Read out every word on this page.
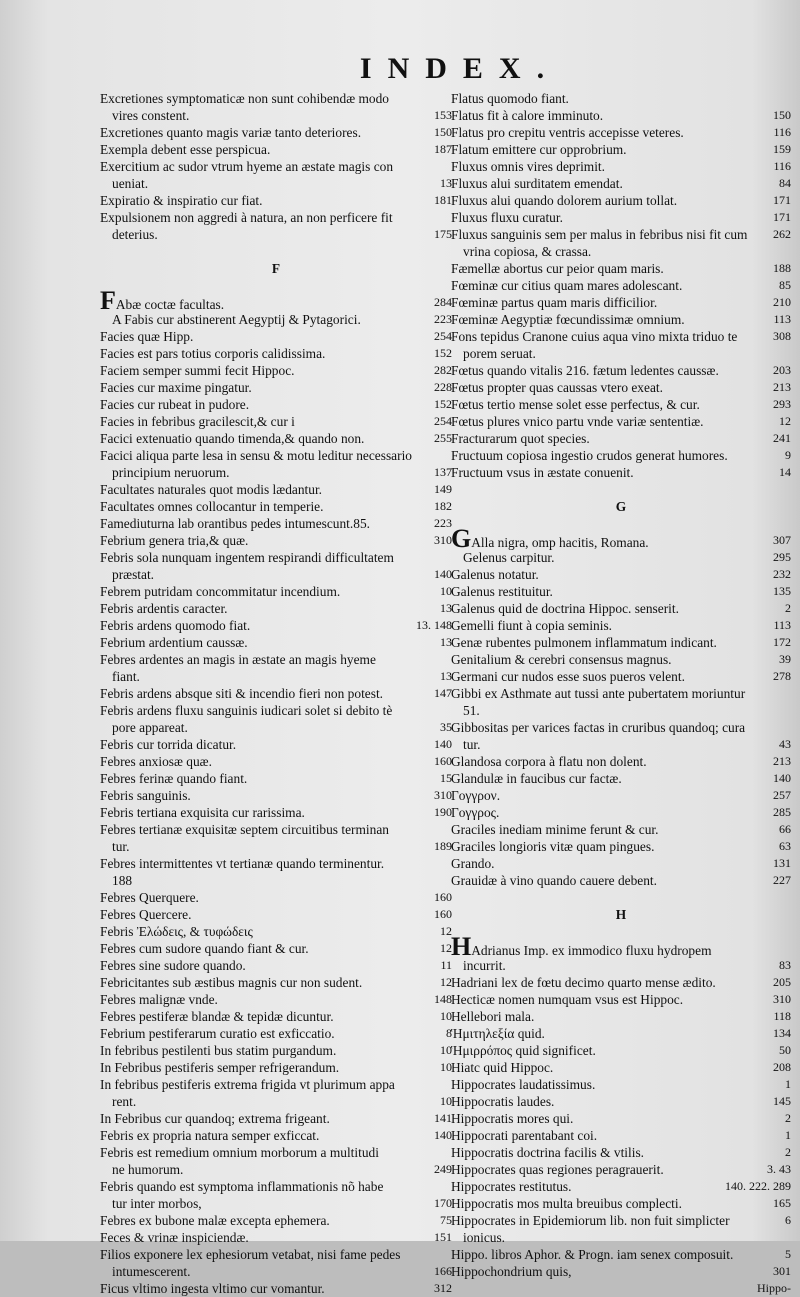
INDEX.
Excretiones symptomaticæ non sunt cohibendæ modo
vires constent.	153
Excretiones quanto magis variæ tanto deteriores.	150
Exempla debent esse perspicua.	187
Exercitium ac sudor vtrum hyeme an æstate magis con
ueniat.	13
Expiratio & inspiratio cur fiat.	181
Expulsionem non aggredi à natura, an non perficere fit
deterius.	175
F
FAbæ coctæ facultas.	284
A Fabis cur abstinerent Aegyptij & Pytagorici.	223
Facies quæ Hipp.	254
Facies est pars totius corporis calidissima.	152
Faciem semper summi fecit Hippoc.	282
Facies cur maxime pingatur.	228
Facies cur rubeat in pudore.	152
Facies in febribus gracilescit,& cur i	254
Facici extenuatio quando timenda,& quando non.	255
Facici aliqua parte lesa in sensu & motu leditur necessario
principium neruorum.	137
Facultates naturales quot modis lædantur.	149
Facultates omnes collocantur in temperie.	182
Famediuturna lab orantibus pedes intumescunt.85.	223
Febrium genera tria,& quæ.	310
Febris sola nunquam ingentem respirandi difficultatem
præstat.	140
Febrem putridam concommitatur incendium.	10
Febris ardentis caracter.	13
Febris ardens quomodo fiat.	13. 148
Febrium ardentium caussæ.	13
Febres ardentes an magis in æstate an magis hyeme
fiant.	13
Febris ardens absque siti & incendio fieri non potest.	147
Febris ardens fluxu sanguinis iudicari solet si debito tè
pore appareat.	35
Febris cur torrida dicatur.	140
Febres anxiosæ quæ.	160
Febres ferinæ quando fiant.	15
Febris sanguinis.	310
Febris tertiana exquisita cur rarissima.	190
Febres tertianæ exquisitæ septem circuitibus terminan
tur.	189
Febres intermittentes vt tertianæ quando terminentur.
188
Febres Querquere.	160
Febres Quercere.	160
Febris Ἐλώδεις, & τυφώδεις	12
Febres cum sudore quando fiant & cur.	12
Febres sine sudore quando.	11
Febricitantes sub æstibus magnis cur non sudent.	12
Febres malignæ vnde.	148
Febres pestiferæ blandæ & tepidæ dicuntur.	10
Febrium pestiferarum curatio est exficcatio.	8
In febribus pestilenti bus statim purgandum.	10
In Febribus pestiferis semper refrigerandum.	10
In febribus pestiferis extrema frigida vt plurimum appa
rent.	10
In Febribus cur quandoq; extrema frigeant.	141
Febris ex propria natura semper exficcat.	140
Febris est remedium omnium morborum a multitudi
ne humorum.	249
Febris quando est symptoma inflammationis nõ habe
tur inter morbos,	170
Febres ex bubone malæ excepta ephemera.	75
Feces & vrinæ inspiciendæ.	151
Filios exponere lex ephesiorum vetabat, nisi fame pedes
intumescerent.	166
Ficus vltimo ingesta vltimo cur vomantur.	312
Flatus quomodo fiant.
Flatus fit à calore imminuto.	150
Flatus pro crepitu ventris accepisse veteres.	116
Flatum emittere cur opprobrium.	159
Fluxus omnis vires deprimit.	116
Fluxus alui surditatem emendat.	84
Fluxus alui quando dolorem aurium tollat.	171
Fluxus fluxu curatur.	171
Fluxus sanguinis sem per malus in febribus nisi fit cum 262
vrina copiosa, & crassa.
Fæmellæ abortus cur peior quam maris.	188
Fœminæ cur citius quam mares adolescant.	85
Fœminæ partus quam maris difficilior.	210
Fœminæ Aegyptiæ fœcundissimæ omnium.	113
Fons tepidus Cranone cuius aqua vino mixta triduo te	308
porem seruat.
Fœtus quando vitalis 216. fætum ledentes caussæ.	203
Fœtus propter quas caussas vtero exeat.	213
Fœtus tertio mense solet esse perfectus, & cur.	293
Fœtus plures vnico partu vnde variæ sententiæ.	12
Fracturarum quot species.	241
Fructuum copiosa ingestio crudos generat humores.	9
Fructuum vsus in æstate conuenit.	14
G
GAlla nigra, omp hacitis, Romana.	307
Gelenus carpitur.	295
Galenus notatur.	232
Galenus restituitur.	135
Galenus quid de doctrina Hippoc. senserit.	2
Gemelli fiunt à copia seminis.	113
Genæ rubentes pulmonem inflammatum indicant.	172
Genitalium & cerebri consensus magnus.	39
Germani cur nudos esse suos pueros velent.	278
Gibbi ex Asthmate aut tussi ante pubertatem moriuntur
51.
Gibbositas per varices factas in cruribus quandoq; cura
tur.	43
Glandosa corpora à flatu non dolent.	213
Glandulæ in faucibus cur factæ.	140
Γογγρον.	257
Γογγρος.	285
Graciles inediam minime ferunt & cur.	66
Graciles longioris vitæ quam pingues.	63
Grando.	131
Grauidæ à vino quando cauere debent.	227
H
HAdrianus Imp. ex immodico fluxu hydropem
incurrit.	83
Hadriani lex de fœtu decimo quarto mense ædito.	205
Hecticæ nomen numquam vsus est Hippoc.	310
Hellebori mala.	118
Ἡμιτηλεξία quid.	134
Ἡμιρρόπος quid significet.	50
Hiatc quid Hippoc.	208
Hippocrates laudatissimus.	1
Hippocratis laudes.	145
Hippocratis mores qui.	2
Hippocrati parentabant coi.	1
Hippocratis doctrina facilis & vtilis.	2
Hippocrates quas regiones peragrauerit.	3. 43
Hippocrates restitutus.	140. 222. 289
Hippocratis mos multa breuibus complecti.	165
Hippocrates in Epidemiorum lib. non fuit simplicter	6
ionicus.
Hippo. libros Aphor. & Progn. iam senex composuit.	5
Hippochondrium quis,	301
Hippo-
